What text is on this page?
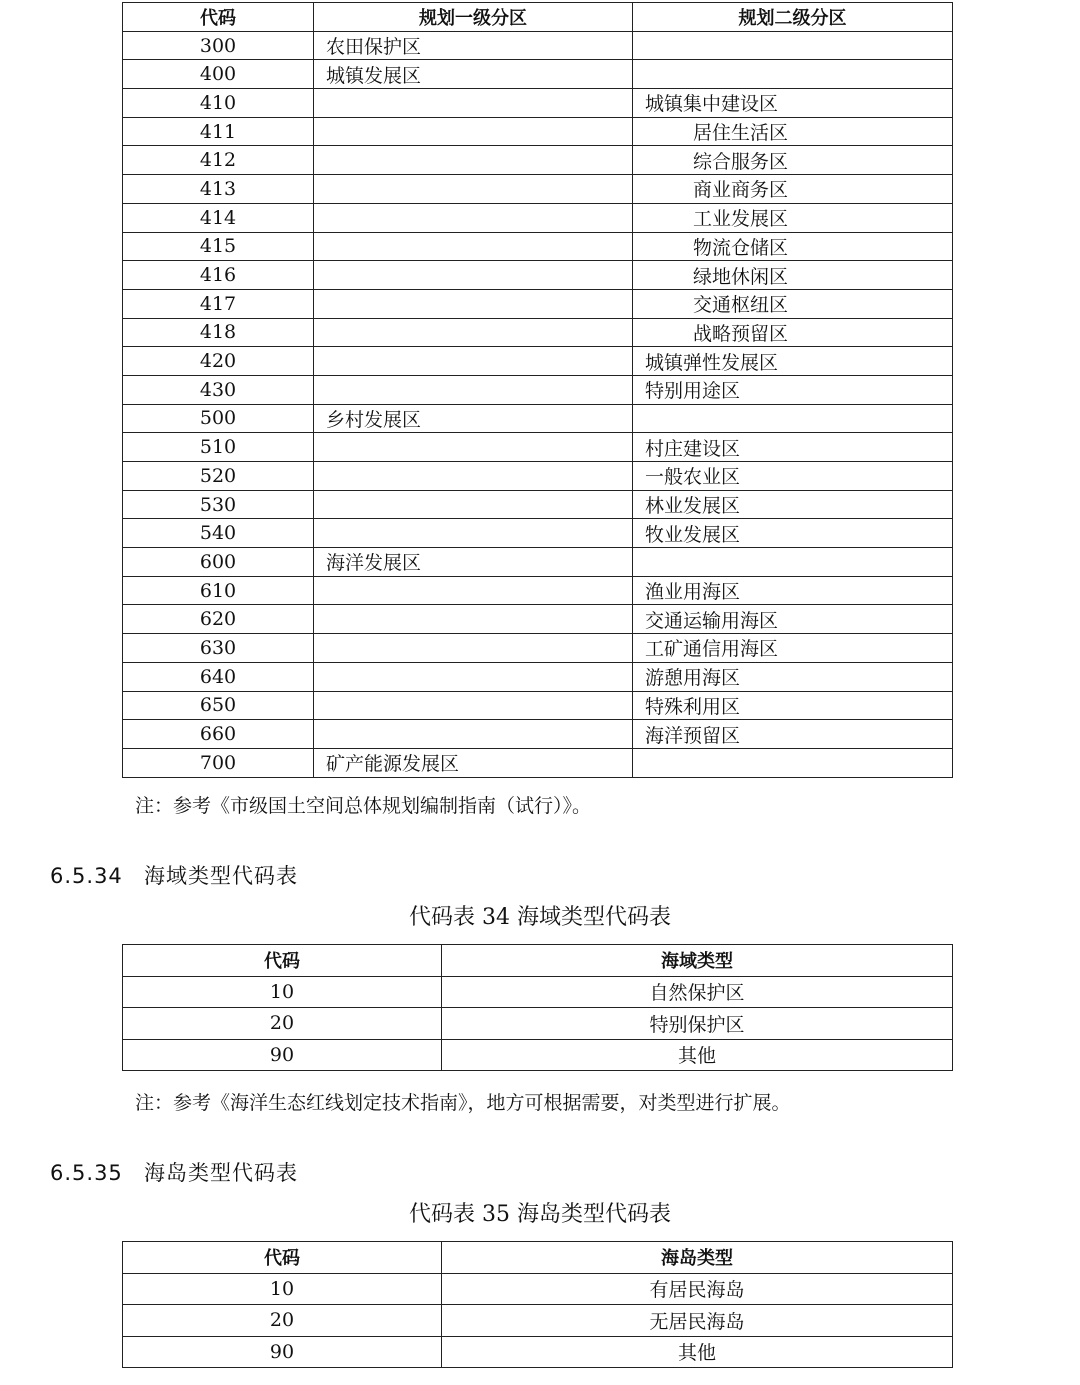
代码	规划一级分区	规划二级分区
300	农田保护区	
400	城镇发展区	
410		城镇集中建设区
411		居住生活区
412		综合服务区
413		商业商务区
414		工业发展区
415		物流仓储区
416		绿地休闲区
417		交通枢纽区
418		战略预留区
420		城镇弹性发展区
430		特别用途区
500	乡村发展区	
510		村庄建设区
520		一般农业区
530		林业发展区
540		牧业发展区
600	海洋发展区	
610		渔业用海区
620		交通运输用海区
630		工矿通信用海区
640		游憩用海区
650		特殊利用区
660		海洋预留区
700	矿产能源发展区	
注：参考《市级国土空间总体规划编制指南（试行）》。
6.5.34 海域类型代码表
代码表 34 海域类型代码表
代码	海域类型
10	自然保护区
20	特别保护区
90	其他
注：参考《海洋生态红线划定技术指南》，地方可根据需要，对类型进行扩展。
6.5.35 海岛类型代码表
代码表 35 海岛类型代码表
代码	海岛类型
10	有居民海岛
20	无居民海岛
90	其他
